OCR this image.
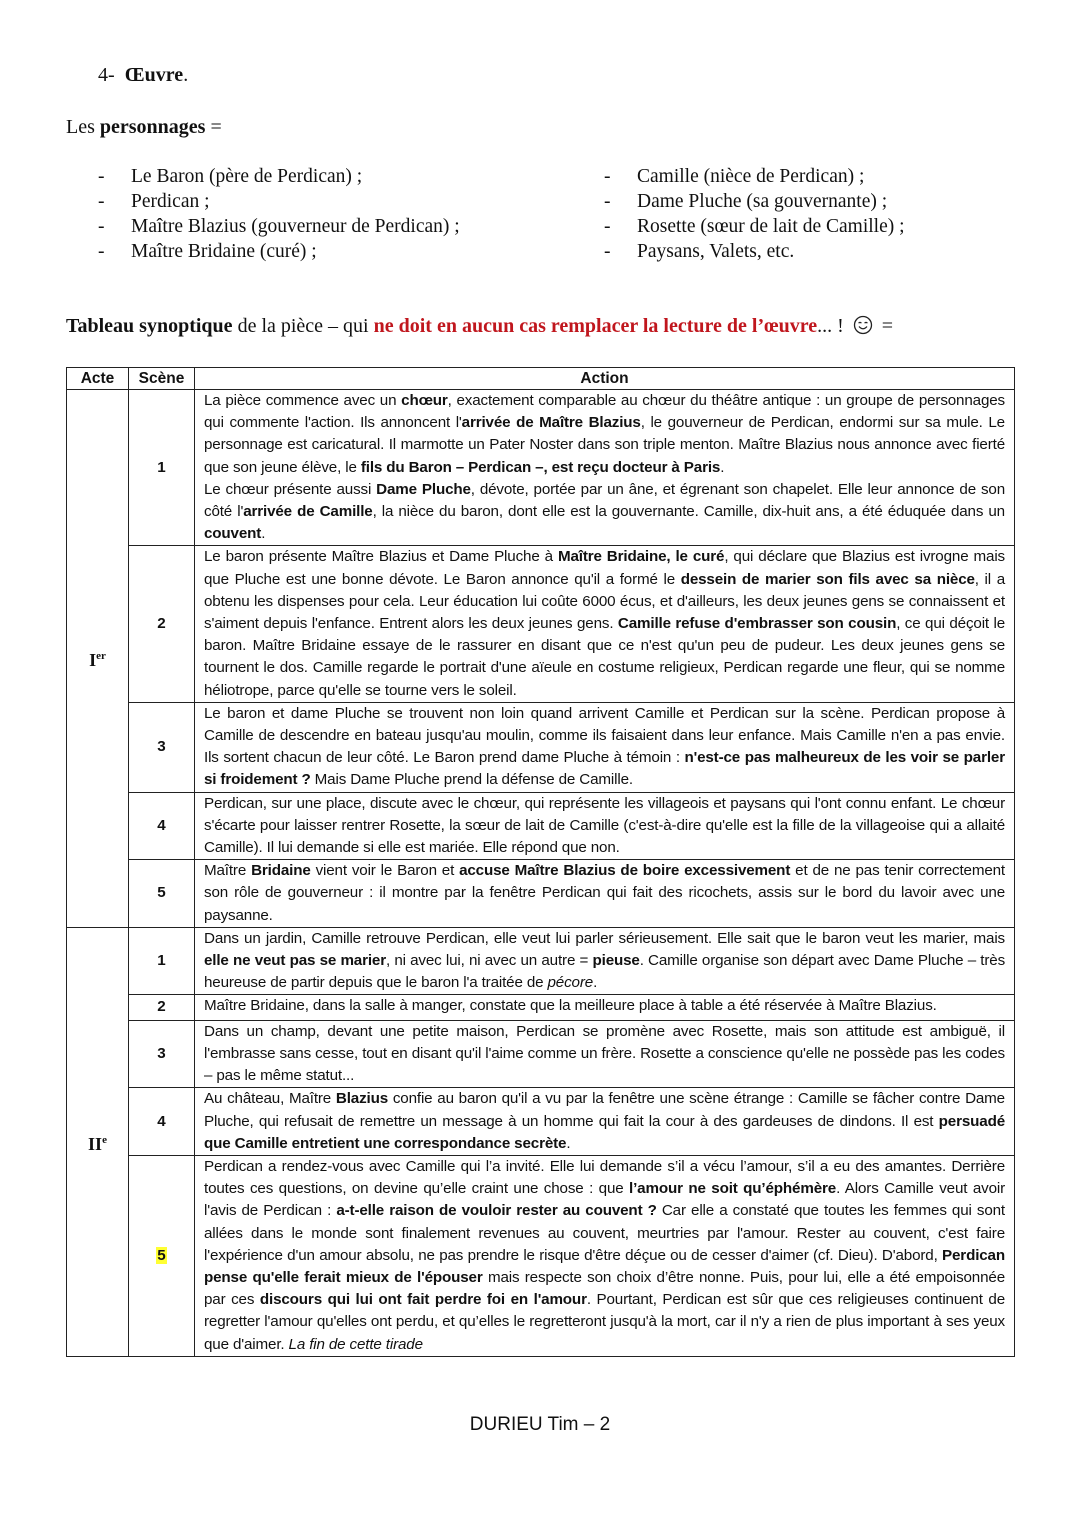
4- Œuvre.
Les personnages =
-	Le Baron (père de Perdican) ;
-	Perdican ;
-	Maître Blazius (gouverneur de Perdican) ;
-	Maître Bridaine (curé) ;
-	Camille (nièce de Perdican) ;
-	Dame Pluche (sa gouvernante) ;
-	Rosette (sœur de lait de Camille) ;
-	Paysans, Valets, etc.
Tableau synoptique de la pièce – qui ne doit en aucun cas remplacer la lecture de l’œuvre... !  =
Acte	Scène	Action
Ier	1	La pièce commence avec un chœur, exactement comparable au chœur du théâtre antique : un groupe de personnages qui commente l'action. Ils annoncent l'arrivée de Maître Blazius, le gouverneur de Perdican, endormi sur sa mule. Le personnage est caricatural. Il marmotte un Pater Noster dans son triple menton. Maître Blazius nous annonce avec fierté que son jeune élève, le fils du Baron – Perdican –, est reçu docteur à Paris.
Le chœur présente aussi Dame Pluche, dévote, portée par un âne, et égrenant son chapelet. Elle leur annonce de son côté l'arrivée de Camille, la nièce du baron, dont elle est la gouvernante. Camille, dix-huit ans, a été éduquée dans un couvent.
	2	Le baron présente Maître Blazius et Dame Pluche à Maître Bridaine, le curé, qui déclare que Blazius est ivrogne mais que Pluche est une bonne dévote. Le Baron annonce qu'il a formé le dessein de marier son fils avec sa nièce, il a obtenu les dispenses pour cela. Leur éducation lui coûte 6000 écus, et d'ailleurs, les deux jeunes gens se connaissent et s'aiment depuis l'enfance. Entrent alors les deux jeunes gens. Camille refuse d'embrasser son cousin, ce qui déçoit le baron. Maître Bridaine essaye de le rassurer en disant que ce n'est qu'un peu de pudeur. Les deux jeunes gens se tournent le dos. Camille regarde le portrait d'une aïeule en costume religieux, Perdican regarde une fleur, qui se nomme héliotrope, parce qu'elle se tourne vers le soleil.
	3	Le baron et dame Pluche se trouvent non loin quand arrivent Camille et Perdican sur la scène. Perdican propose à Camille de descendre en bateau jusqu'au moulin, comme ils faisaient dans leur enfance. Mais Camille n'en a pas envie. Ils sortent chacun de leur côté. Le Baron prend dame Pluche à témoin : n'est-ce pas malheureux de les voir se parler si froidement ? Mais Dame Pluche prend la défense de Camille.
	4	Perdican, sur une place, discute avec le chœur, qui représente les villageois et paysans qui l'ont connu enfant. Le chœur s'écarte pour laisser rentrer Rosette, la sœur de lait de Camille (c'est-à-dire qu'elle est la fille de la villageoise qui a allaité Camille). Il lui demande si elle est mariée. Elle répond que non.
	5	Maître Bridaine vient voir le Baron et accuse Maître Blazius de boire excessivement et de ne pas tenir correctement son rôle de gouverneur : il montre par la fenêtre Perdican qui fait des ricochets, assis sur le bord du lavoir avec une paysanne.
IIe	1	Dans un jardin, Camille retrouve Perdican, elle veut lui parler sérieusement. Elle sait que le baron veut les marier, mais elle ne veut pas se marier, ni avec lui, ni avec un autre = pieuse. Camille organise son départ avec Dame Pluche – très heureuse de partir depuis que le baron l'a traitée de pécore.
	2	Maître Bridaine, dans la salle à manger, constate que la meilleure place à table a été réservée à Maître Blazius.
	3	Dans un champ, devant une petite maison, Perdican se promène avec Rosette, mais son attitude est ambiguë, il l'embrasse sans cesse, tout en disant qu'il l'aime comme un frère. Rosette a conscience qu'elle ne possède pas les codes – pas le même statut...
	4	Au château, Maître Blazius confie au baron qu'il a vu par la fenêtre une scène étrange : Camille se fâcher contre Dame Pluche, qui refusait de remettre un message à un homme qui fait la cour à des gardeuses de dindons. Il est persuadé que Camille entretient une correspondance secrète.
	5	Perdican a rendez-vous avec Camille qui l’a invité. Elle lui demande s’il a vécu l’amour, s’il a eu des amantes. Derrière toutes ces questions, on devine qu’elle craint une chose : que l’amour ne soit qu’éphémère. Alors Camille veut avoir l'avis de Perdican : a-t-elle raison de vouloir rester au couvent ? Car elle a constaté que toutes les femmes qui sont allées dans le monde sont finalement revenues au couvent, meurtries par l'amour. Rester au couvent, c'est faire l'expérience d'un amour absolu, ne pas prendre le risque d'être déçue ou de cesser d'aimer (cf. Dieu). D'abord, Perdican pense qu'elle ferait mieux de l'épouser mais respecte son choix d’être nonne. Puis, pour lui, elle a été empoisonnée par ces discours qui lui ont fait perdre foi en l'amour. Pourtant, Perdican est sûr que ces religieuses continuent de regretter l'amour qu'elles ont perdu, et qu’elles le regretteront jusqu'à la mort, car il n'y a rien de plus important à ses yeux que d'aimer. La fin de cette tirade
DURIEU Tim – 2
